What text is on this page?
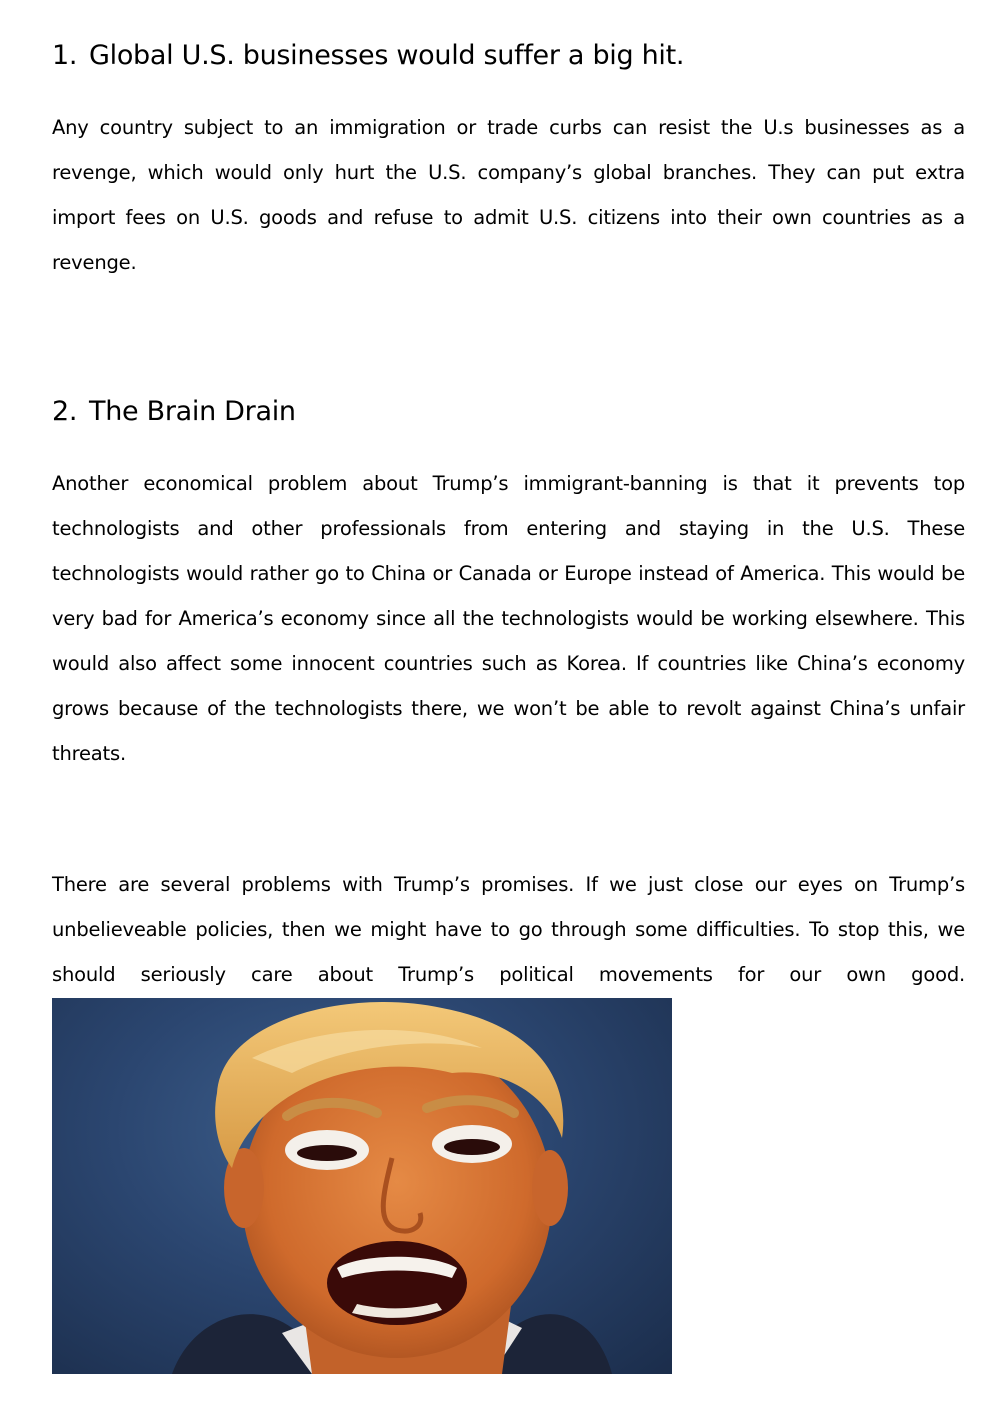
1. Global U.S. businesses would suffer a big hit.

Any country subject to an immigration or trade curbs can resist the U.s businesses as a revenge, which would only hurt the U.S. company’s global branches. They can put extra import fees on U.S. goods and refuse to admit U.S. citizens into their own countries as a revenge.

2. The Brain Drain

Another economical problem about Trump’s immigrant-banning is that it prevents top technologists and other professionals from entering and staying in the U.S. These technologists would rather go to China or Canada or Europe instead of America. This would be very bad for America’s economy since all the technologists would be working elsewhere. This would also affect some innocent countries such as Korea. If countries like China’s economy grows because of the technologists there, we won’t be able to revolt against China’s unfair threats.

There are several problems with Trump’s promises. If we just close our eyes on Trump’s unbelieveable policies, then we might have to go through some difficulties. To stop this, we should seriously care about Trump’s political movements for our own good.
